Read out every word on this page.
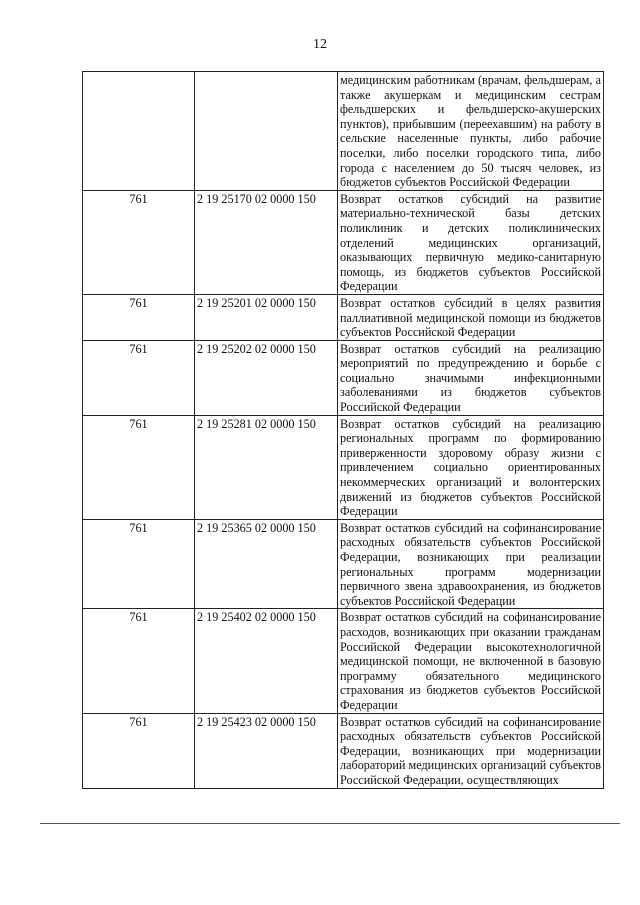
12
		медицинским работникам (врачам, фельдшерам, а также акушеркам и медицинским сестрам фельдшерских и фельдшерско-акушерских пунктов), прибывшим (переехавшим) на работу в сельские населенные пункты, либо рабочие поселки, либо поселки городского типа, либо города с населением до 50 тысяч человек, из бюджетов субъектов Российской Федерации
761	2 19 25170 02 0000 150	Возврат остатков субсидий на развитие материально-технической базы детских поликлиник и детских поликлинических отделений медицинских организаций, оказывающих первичную медико-санитарную помощь, из бюджетов субъектов Российской Федерации
761	2 19 25201 02 0000 150	Возврат остатков субсидий в целях развития паллиативной медицинской помощи из бюджетов субъектов Российской Федерации
761	2 19 25202 02 0000 150	Возврат остатков субсидий на реализацию мероприятий по предупреждению и борьбе с социально значимыми инфекционными заболеваниями из бюджетов субъектов Российской Федерации
761	2 19 25281 02 0000 150	Возврат остатков субсидий на реализацию региональных программ по формированию приверженности здоровому образу жизни с привлечением социально ориентированных некоммерческих организаций и волонтерских движений из бюджетов субъектов Российской Федерации
761	2 19 25365 02 0000 150	Возврат остатков субсидий на софинансирование расходных обязательств субъектов Российской Федерации, возникающих при реализации региональных программ модернизации первичного звена здравоохранения, из бюджетов субъектов Российской Федерации
761	2 19 25402 02 0000 150	Возврат остатков субсидий на софинансирование расходов, возникающих при оказании гражданам Российской Федерации высокотехнологичной медицинской помощи, не включенной в базовую программу обязательного медицинского страхования из бюджетов субъектов Российской Федерации
761	2 19 25423 02 0000 150	Возврат остатков субсидий на софинансирование расходных обязательств субъектов Российской Федерации, возникающих при модернизации лабораторий медицинских организаций субъектов Российской Федерации, осуществляющих
